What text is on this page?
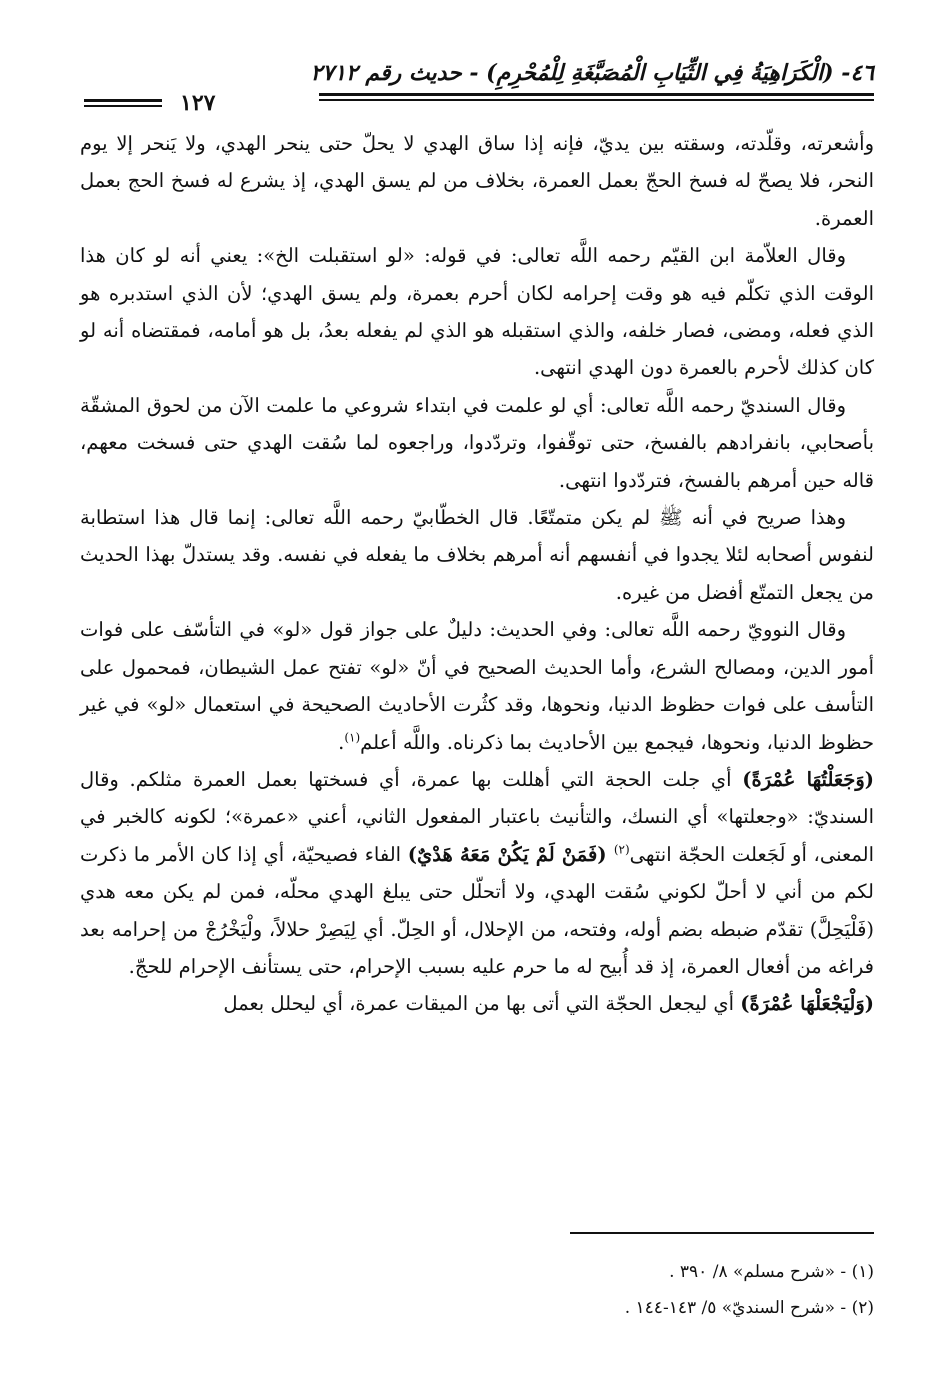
٤٦- (الْكَرَاهِيَةُ فِي الثِّيَابِ الْمُصَبَّغَةِ لِلْمُحْرِمِ) - حديث رقم ٢٧١٢
١٢٧

وأشعرته، وقلّدته، وسقته بين يديّ، فإنه إذا ساق الهدي لا يحلّ حتى ينحر الهدي، ولا يَنحر إلا يوم النحر، فلا يصحّ له فسخ الحجّ بعمل العمرة، بخلاف من لم يسق الهدي، إذ يشرع له فسخ الحج بعمل العمرة.

وقال العلاّمة ابن القيّم رحمه اللَّه تعالى: في قوله: «لو استقبلت الخ»: يعني أنه لو كان هذا الوقت الذي تكلّم فيه هو وقت إحرامه لكان أحرم بعمرة، ولم يسق الهدي؛ لأن الذي استدبره هو الذي فعله، ومضى، فصار خلفه، والذي استقبله هو الذي لم يفعله بعدُ، بل هو أمامه، فمقتضاه أنه لو كان كذلك لأحرم بالعمرة دون الهدي انتهى.

وقال السنديّ رحمه اللَّه تعالى: أي لو علمت في ابتداء شروعي ما علمت الآن من لحوق المشقّة بأصحابي، بانفرادهم بالفسخ، حتى توقّفوا، وتردّدوا، وراجعوه لما سُقت الهدي حتى فسخت معهم، قاله حين أمرهم بالفسخ، فتردّدوا انتهى.

وهذا صريح في أنه ﷺ لم يكن متمتّعًا. قال الخطّابيّ رحمه اللَّه تعالى: إنما قال هذا استطابة لنفوس أصحابه لئلا يجدوا في أنفسهم أنه أمرهم بخلاف ما يفعله في نفسه. وقد يستدلّ بهذا الحديث من يجعل التمتّع أفضل من غيره.

وقال النوويّ رحمه اللَّه تعالى: وفي الحديث: دليلٌ على جواز قول «لو» في التأسّف على فوات أمور الدين، ومصالح الشرع، وأما الحديث الصحيح في أنّ «لو» تفتح عمل الشيطان، فمحمول على التأسف على فوات حظوظ الدنيا، ونحوها، وقد كثُرت الأحاديث الصحيحة في استعمال «لو» في غير حظوظ الدنيا، ونحوها، فيجمع بين الأحاديث بما ذكرناه. واللَّه أعلم$^{(١)}$.

(وَجَعَلْتُهَا عُمْرَةً) أي جلت الحجة التي أهللت بها عمرة، أي فسختها بعمل العمرة مثلكم. وقال السنديّ: «وجعلتها» أي النسك، والتأنيث باعتبار المفعول الثاني، أعني «عمرة»؛ لكونه كالخبر في المعنى، أو لَجَعلت الحجّة انتهى$^{(٢)}$ (فَمَنْ لَمْ يَكُنْ مَعَهُ هَدْيٌ) الفاء فصيحيّة، أي إذا كان الأمر ما ذكرت لكم من أني لا أحلّ لكوني سُقت الهدي، ولا أتحلّل حتى يبلغ الهدي محلّه، فمن لم يكن معه هدي (فَلْيَحِلَّ) تقدّم ضبطه بضم أوله، وفتحه، من الإحلال، أو الحِلّ. أي لِيَصِرْ حلالاً، ولْيَخْرُجْ من إحرامه بعد فراغه من أفعال العمرة، إذ قد أُبيح له ما حرم عليه بسبب الإحرام، حتى يستأنف الإحرام للحجّ.

(وَلْيَجْعَلْهَا عُمْرَةً) أي ليجعل الحجّة التي أتى بها من الميقات عمرة، أي ليحلل بعمل

(١) - «شرح مسلم» ٨/ ٣٩٠ .
(٢) - «شرح السنديّ» ٥/ ١٤٣-١٤٤ .
